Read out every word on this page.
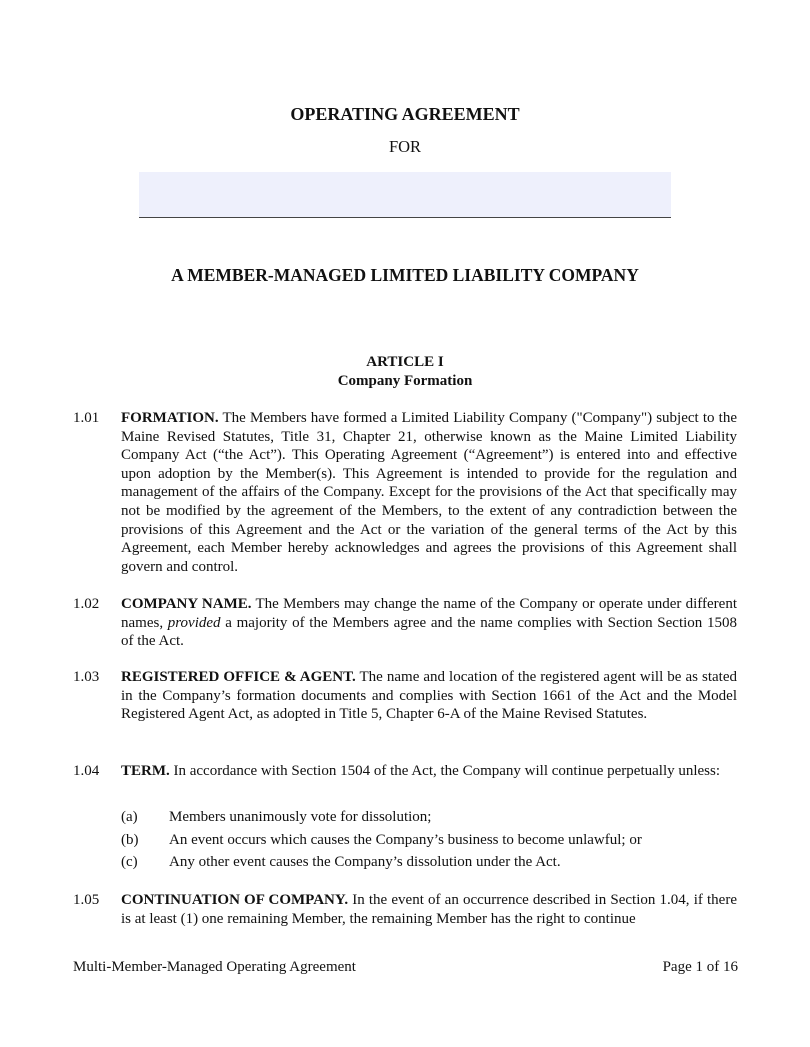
OPERATING AGREEMENT
FOR
A MEMBER-MANAGED LIMITED LIABILITY COMPANY
ARTICLE I
Company Formation
1.01 FORMATION. The Members have formed a Limited Liability Company ("Company") subject to the Maine Revised Statutes, Title 31, Chapter 21, otherwise known as the Maine Limited Liability Company Act (“the Act”). This Operating Agreement (“Agreement”) is entered into and effective upon adoption by the Member(s). This Agreement is intended to provide for the regulation and management of the affairs of the Company. Except for the provisions of the Act that specifically may not be modified by the agreement of the Members, to the extent of any contradiction between the provisions of this Agreement and the Act or the variation of the general terms of the Act by this Agreement, each Member hereby acknowledges and agrees the provisions of this Agreement shall govern and control.
1.02 COMPANY NAME. The Members may change the name of the Company or operate under different names, provided a majority of the Members agree and the name complies with Section Section 1508 of the Act.
1.03 REGISTERED OFFICE & AGENT. The name and location of the registered agent will be as stated in the Company’s formation documents and complies with Section 1661 of the Act and the Model Registered Agent Act, as adopted in Title 5, Chapter 6-A of the Maine Revised Statutes.
1.04 TERM. In accordance with Section 1504 of the Act, the Company will continue perpetually unless:
(a) Members unanimously vote for dissolution;
(b) An event occurs which causes the Company’s business to become unlawful; or
(c) Any other event causes the Company’s dissolution under the Act.
1.05 CONTINUATION OF COMPANY. In the event of an occurrence described in Section 1.04, if there is at least (1) one remaining Member, the remaining Member has the right to continue
Multi-Member-Managed Operating Agreement	Page 1 of 16
